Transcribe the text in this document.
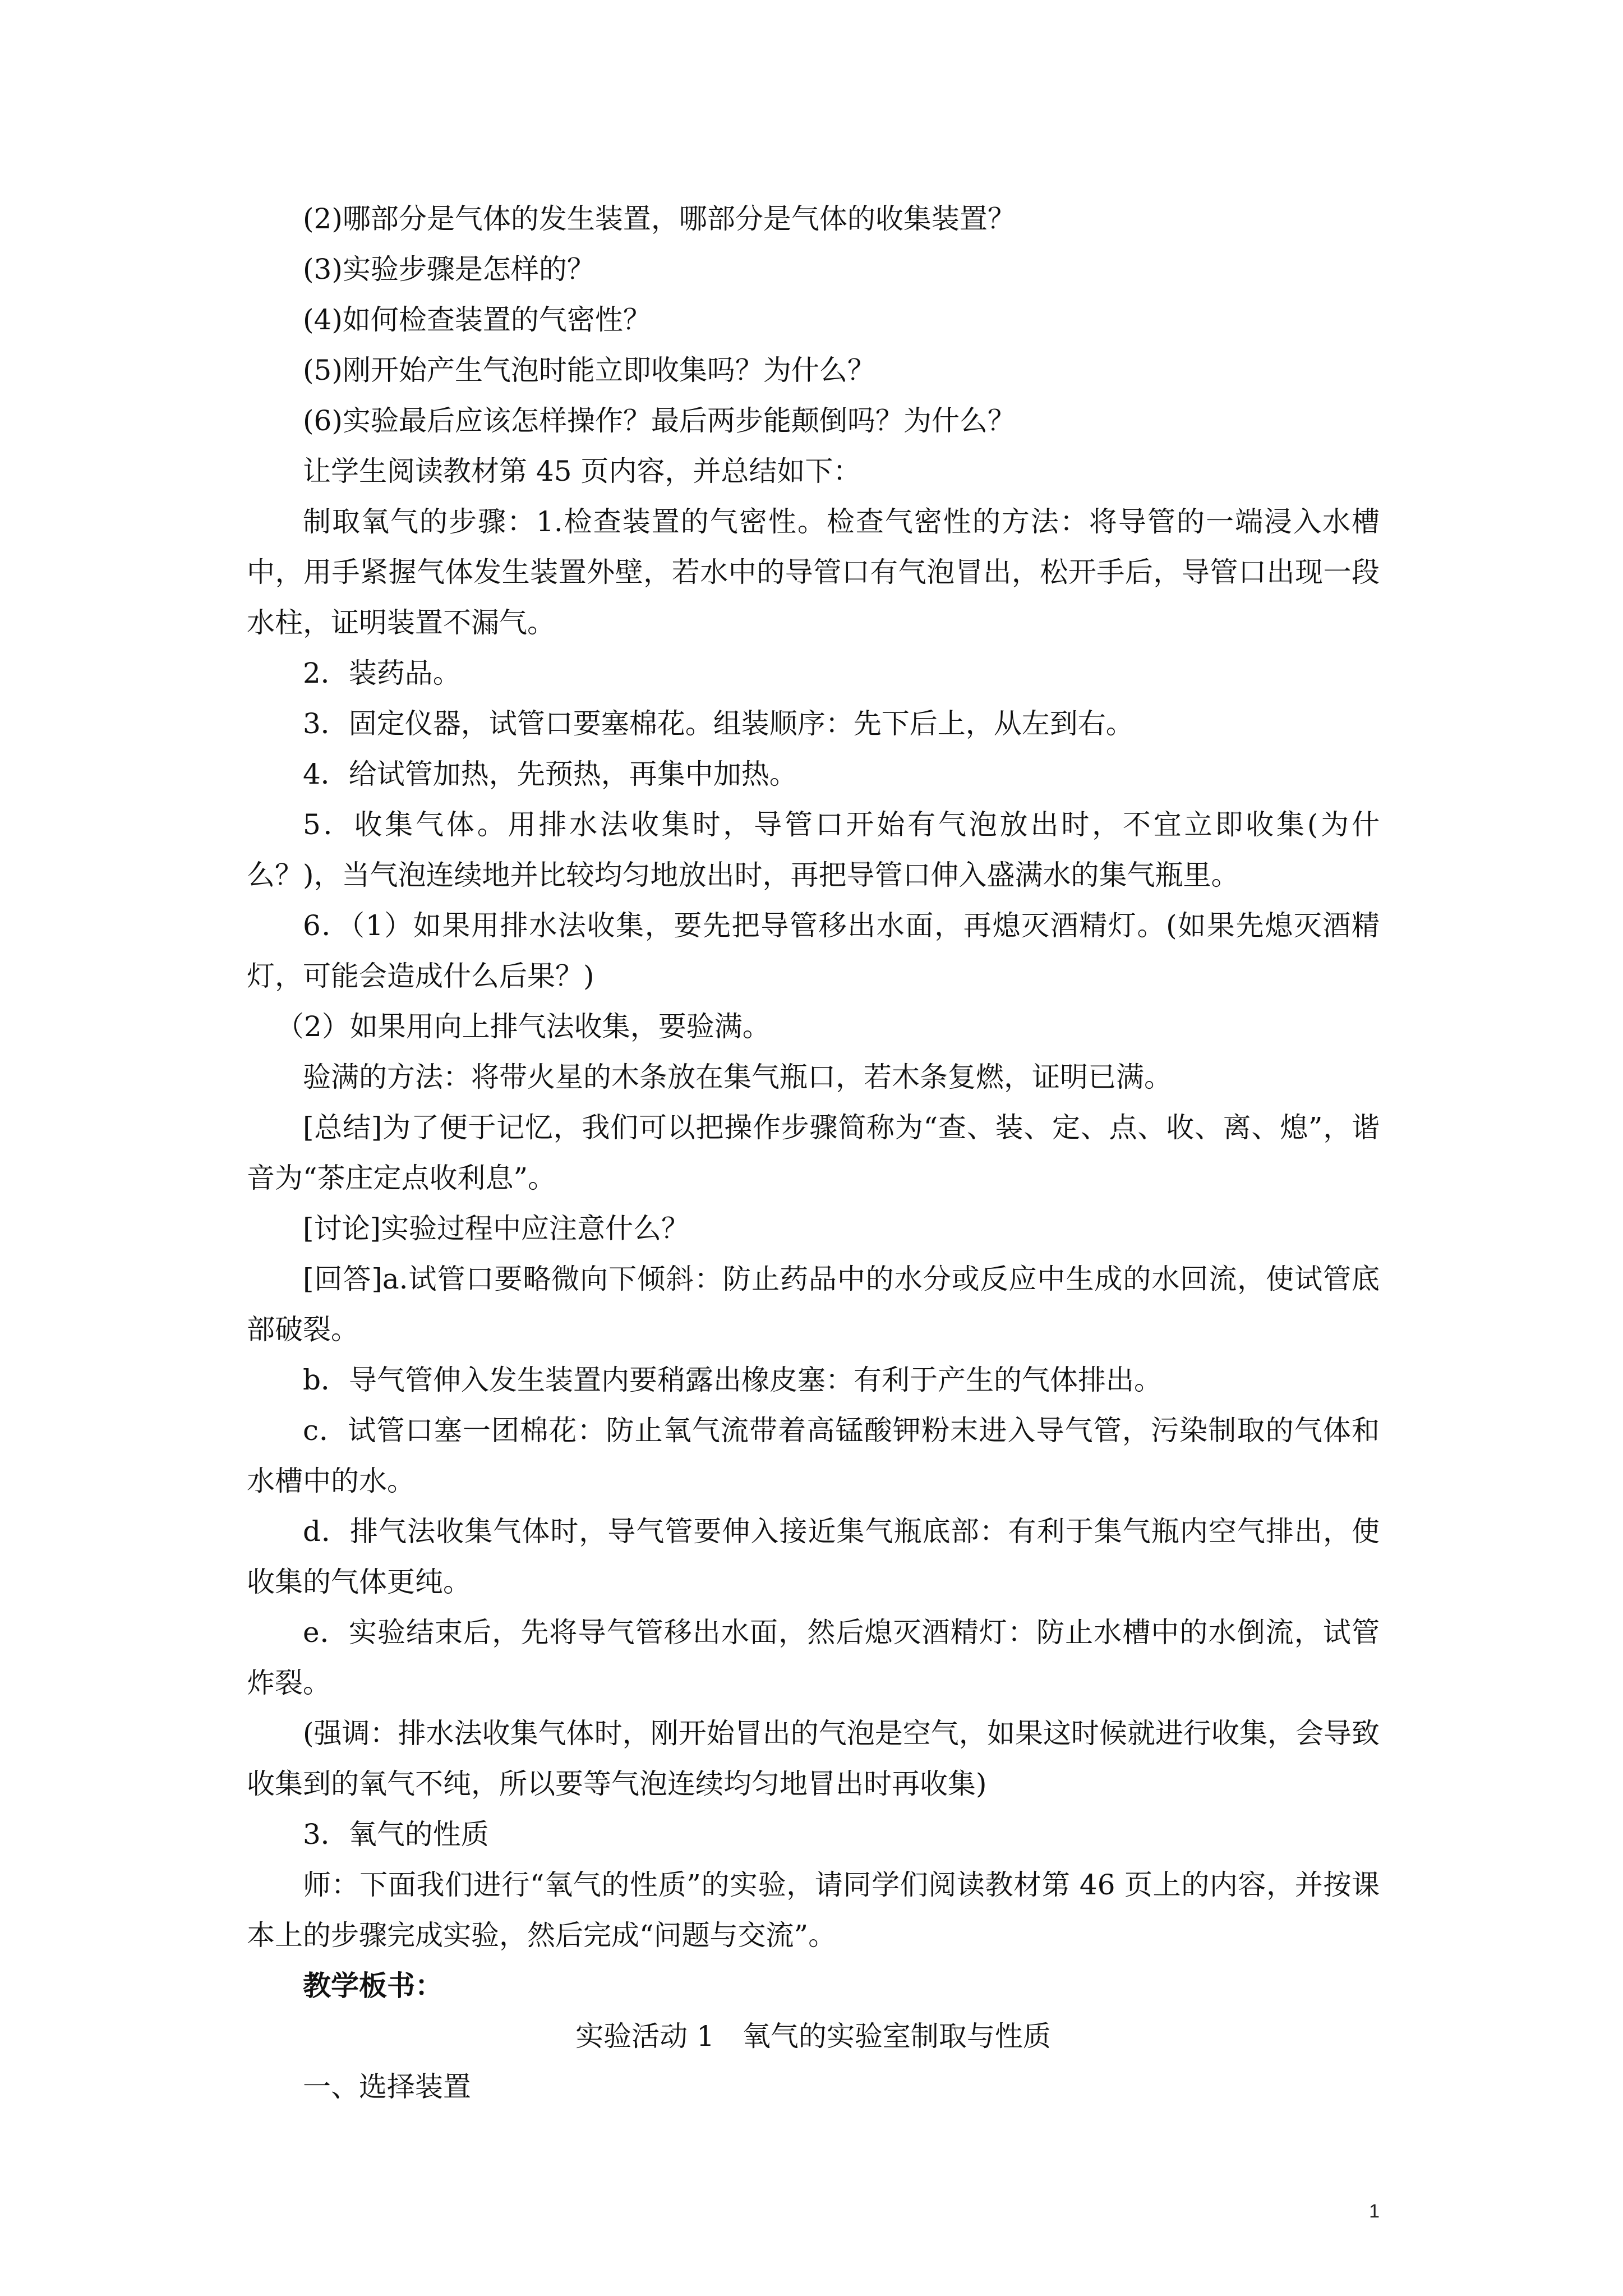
(2)哪部分是气体的发生装置，哪部分是气体的收集装置？

(3)实验步骤是怎样的？

(4)如何检查装置的气密性？

(5)刚开始产生气泡时能立即收集吗？为什么？

(6)实验最后应该怎样操作？最后两步能颠倒吗？为什么？

让学生阅读教材第 45 页内容，并总结如下：

制取氧气的步骤：1.检查装置的气密性。检查气密性的方法：将导管的一端浸入水槽中，用手紧握气体发生装置外壁，若水中的导管口有气泡冒出，松开手后，导管口出现一段水柱，证明装置不漏气。

2．装药品。

3．固定仪器，试管口要塞棉花。组装顺序：先下后上，从左到右。

4．给试管加热，先预热，再集中加热。

5．收集气体。用排水法收集时，导管口开始有气泡放出时，不宜立即收集(为什么？)，当气泡连续地并比较均匀地放出时，再把导管口伸入盛满水的集气瓶里。

6．（1）如果用排水法收集，要先把导管移出水面，再熄灭酒精灯。(如果先熄灭酒精灯，可能会造成什么后果？)

（2）如果用向上排气法收集，要验满。

验满的方法：将带火星的木条放在集气瓶口，若木条复燃，证明已满。

[总结]为了便于记忆，我们可以把操作步骤简称为“查、装、定、点、收、离、熄”，谐音为“茶庄定点收利息”。

[讨论]实验过程中应注意什么？

[回答]a.试管口要略微向下倾斜：防止药品中的水分或反应中生成的水回流，使试管底部破裂。

b．导气管伸入发生装置内要稍露出橡皮塞：有利于产生的气体排出。

c．试管口塞一团棉花：防止氧气流带着高锰酸钾粉末进入导气管，污染制取的气体和水槽中的水。

d．排气法收集气体时，导气管要伸入接近集气瓶底部：有利于集气瓶内空气排出，使收集的气体更纯。

e．实验结束后，先将导气管移出水面，然后熄灭酒精灯：防止水槽中的水倒流，试管炸裂。

(强调：排水法收集气体时，刚开始冒出的气泡是空气，如果这时候就进行收集，会导致收集到的氧气不纯，所以要等气泡连续均匀地冒出时再收集)

3．氧气的性质

师：下面我们进行“氧气的性质”的实验，请同学们阅读教材第 46 页上的内容，并按课本上的步骤完成实验，然后完成“问题与交流”。

教学板书：

实验活动 1　氧气的实验室制取与性质

一、选择装置

1
